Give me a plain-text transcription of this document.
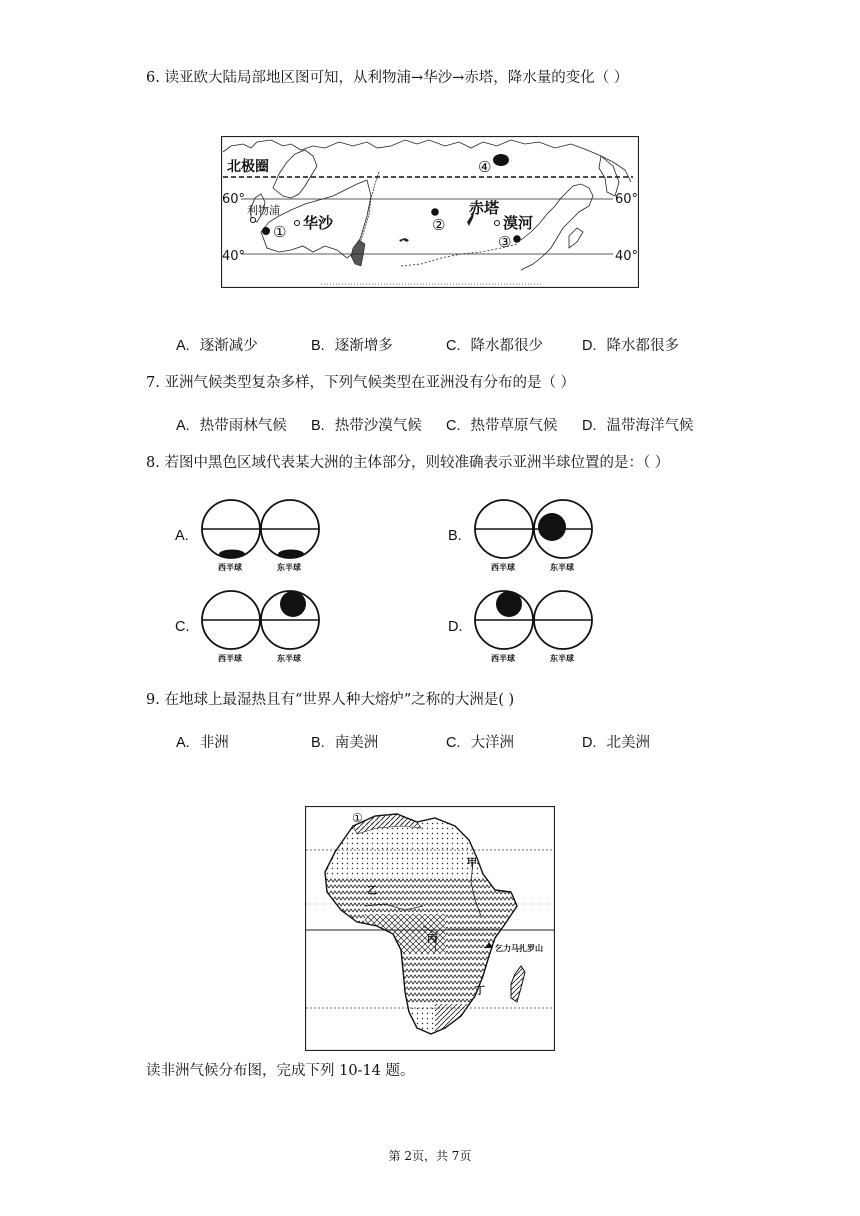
6. 读亚欧大陆局部地区图可知，从利物浦→华沙→赤塔，降水量的变化（ ）
北极圈
60°	60°
40°	40°
利物浦
华沙
赤塔
漠河
①	②
③
④
A. 逐渐减少	B. 逐渐增多	C. 降水都很少	D. 降水都很多
7. 亚洲气候类型复杂多样，下列气候类型在亚洲没有分布的是（ ）
A. 热带雨林气候 B. 热带沙漠气候 C. 热带草原气候 D. 温带海洋气候
8. 若图中黑色区域代表某大洲的主体部分，则较准确表示亚洲半球位置的是：（ ）
A.
西半球	东半球
B.
西半球	东半球
C.
西半球	东半球
D.
西半球	东半球
9. 在地球上最湿热且有“世界人种大熔炉”之称的大洲是( )
A. 非洲	B. 南美洲	C. 大洋洲	D. 北美洲
①
甲
乙
丙
丁
乞力马扎罗山
读非洲气候分布图，完成下列 10-14 题。
第 2页，共 7页
